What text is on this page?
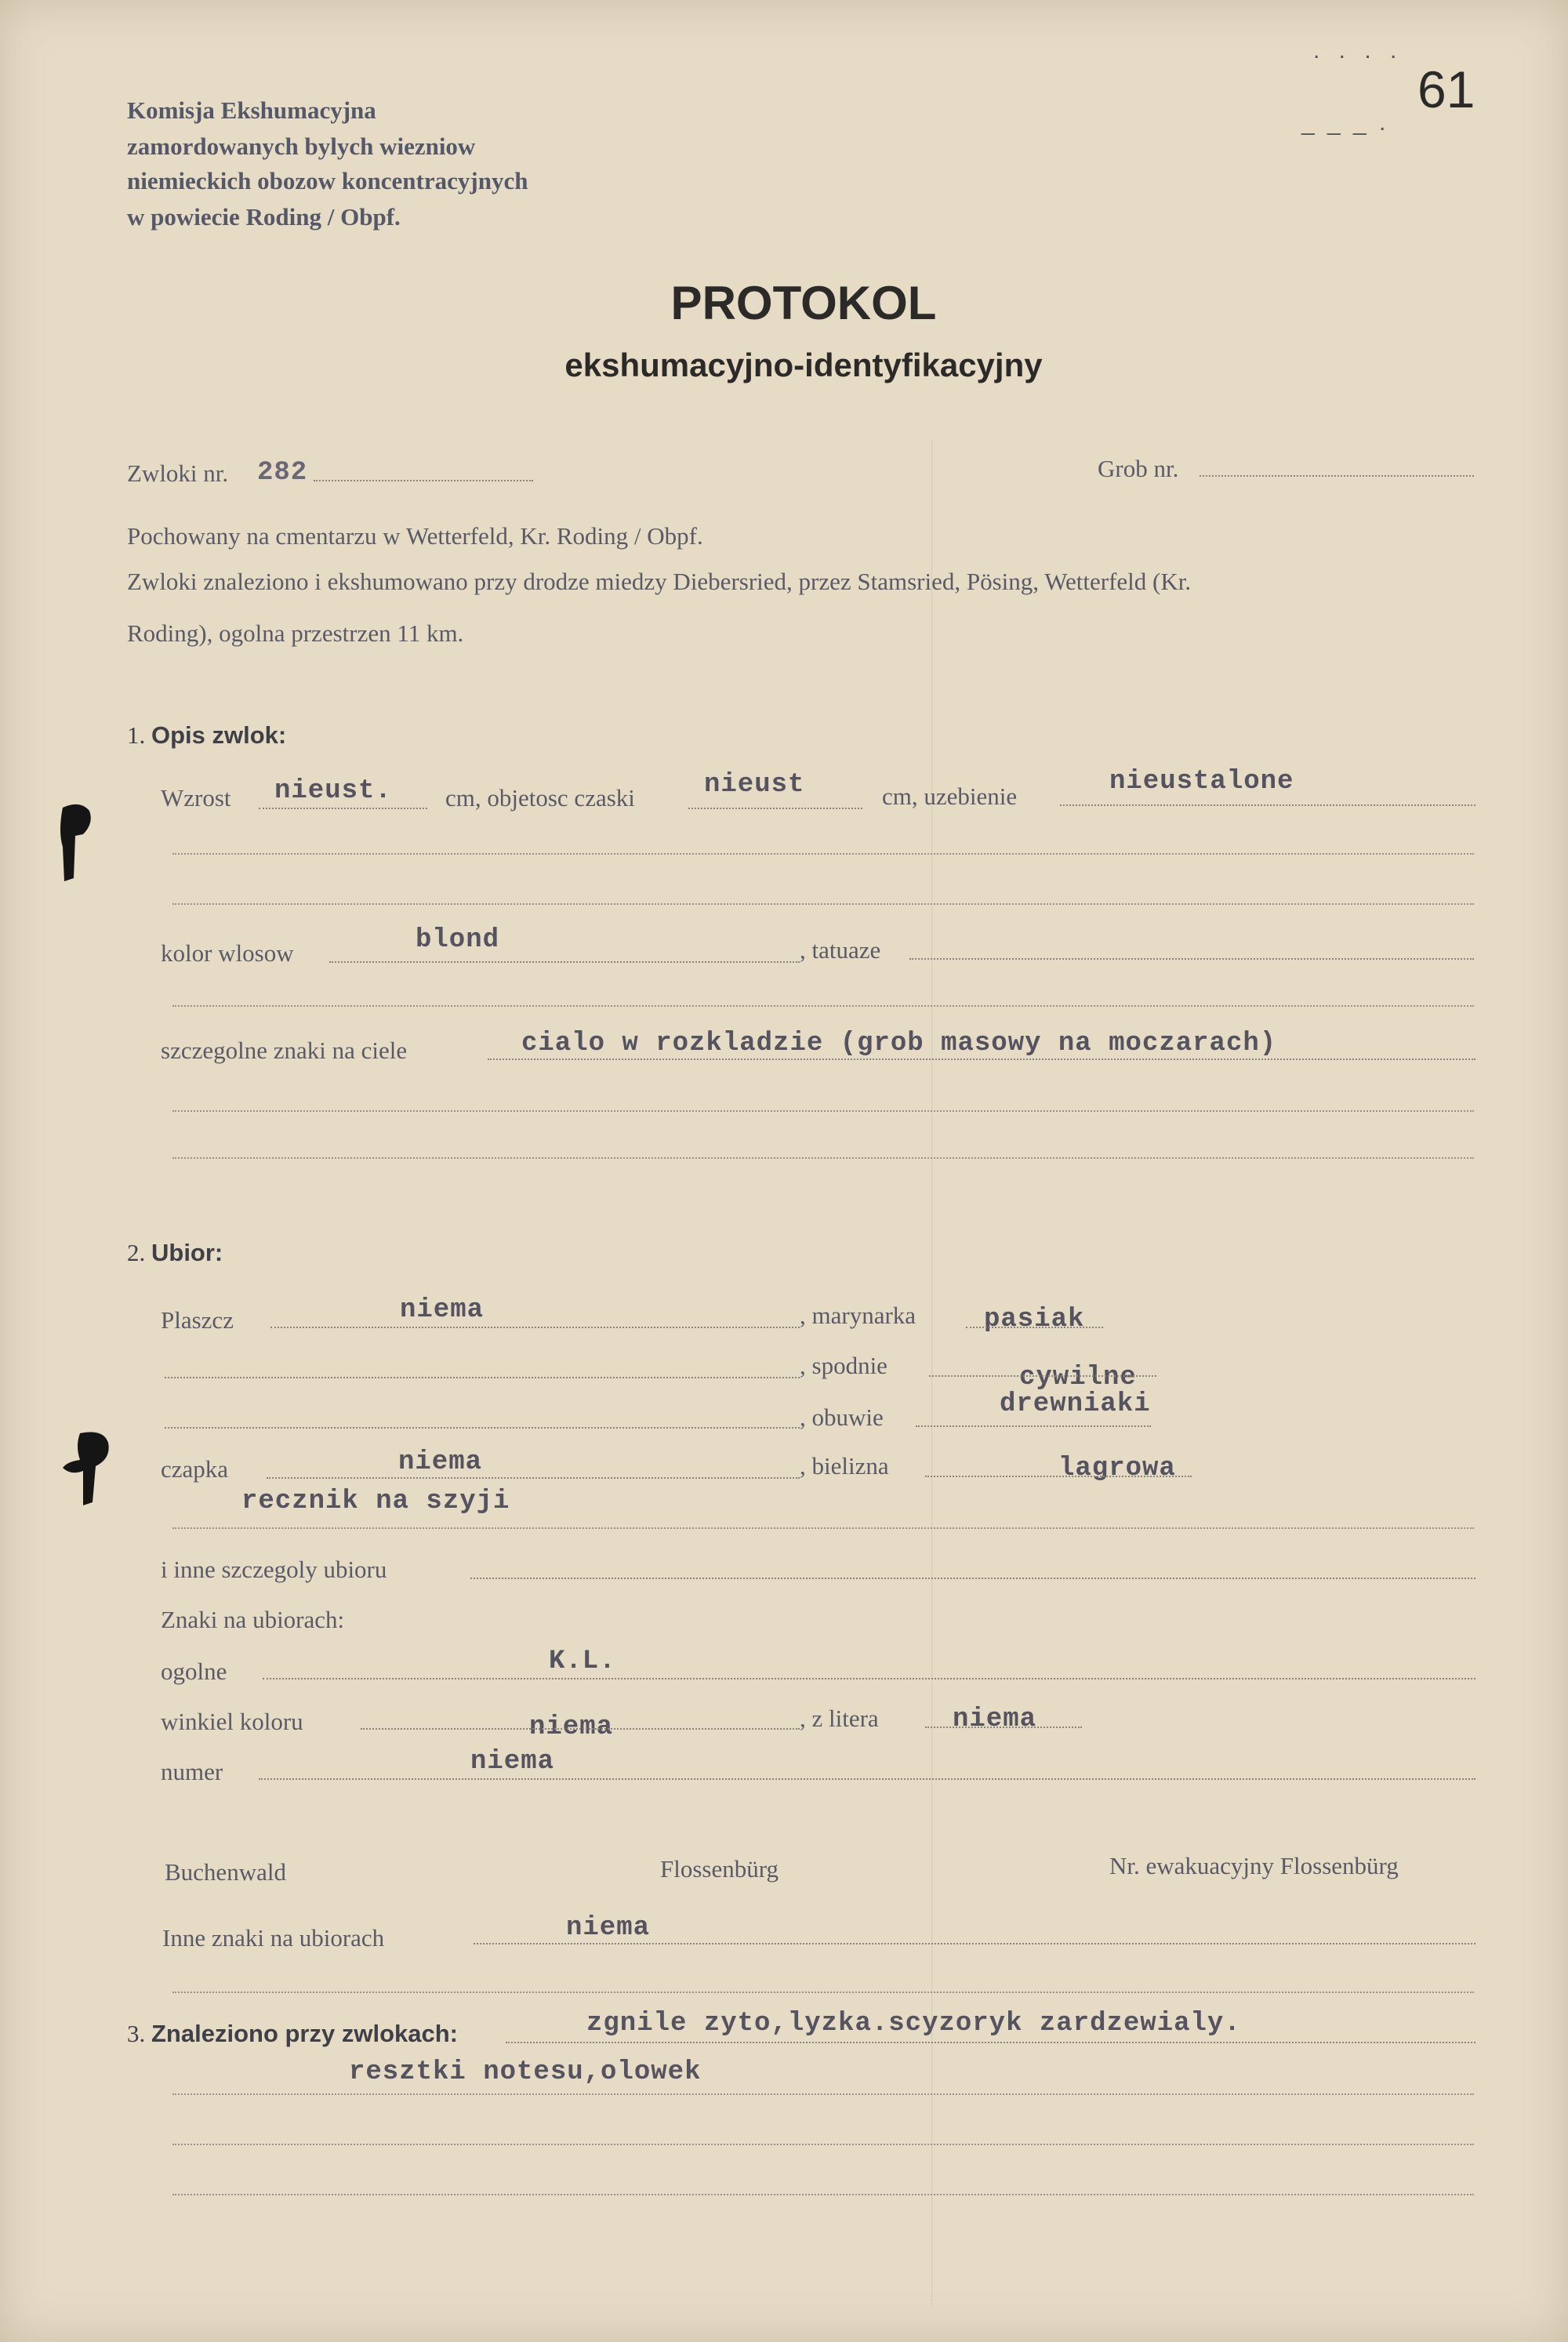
Komisja Ekshumacyjna
zamordowanych bylych wiezniow
niemieckich obozow koncentracyjnych
w powiecie Roding / Obpf.
. . . .
_ _ _ .
61
PROTOKOL
ekshumacyjno-identyfikacyjny
Zwloki nr. 282	Grob nr.
Pochowany na cmentarzu w Wetterfeld, Kr. Roding / Obpf.
Zwloki znaleziono i ekshumowano przy drodze miedzy Diebersried, przez Stamsried, Pösing, Wetterfeld (Kr.
Roding), ogolna przestrzen 11 km.
1. Opis zwlok:
Wzrost nieust. cm, objetosc czaski	nieust	cm, uzebienie	nieustalone
kolor wlosow	blond	, tatuaze
szczegolne znaki na ciele	cialo w rozkladzie (grob masowy na moczarach)
2. Ubior:
Plaszcz	niema	, marynarka	pasiak
, spodnie	cywilne
, obuwie	drewniaki
czapka	niema	, bielizna	lagrowa
recznik na szyji
i inne szczegoly ubioru
Znaki na ubiorach:
ogolne	K.L.
winkiel koloru	niema	, z litera	niema
numer	niema
Buchenwald	Flossenbürg	Nr. ewakuacyjny Flossenbürg
Inne znaki na ubiorach	niema
3. Znaleziono przy zwlokach:	zgnile zyto,lyzka.scyzoryk zardzewialy.
resztki notesu,olowek
